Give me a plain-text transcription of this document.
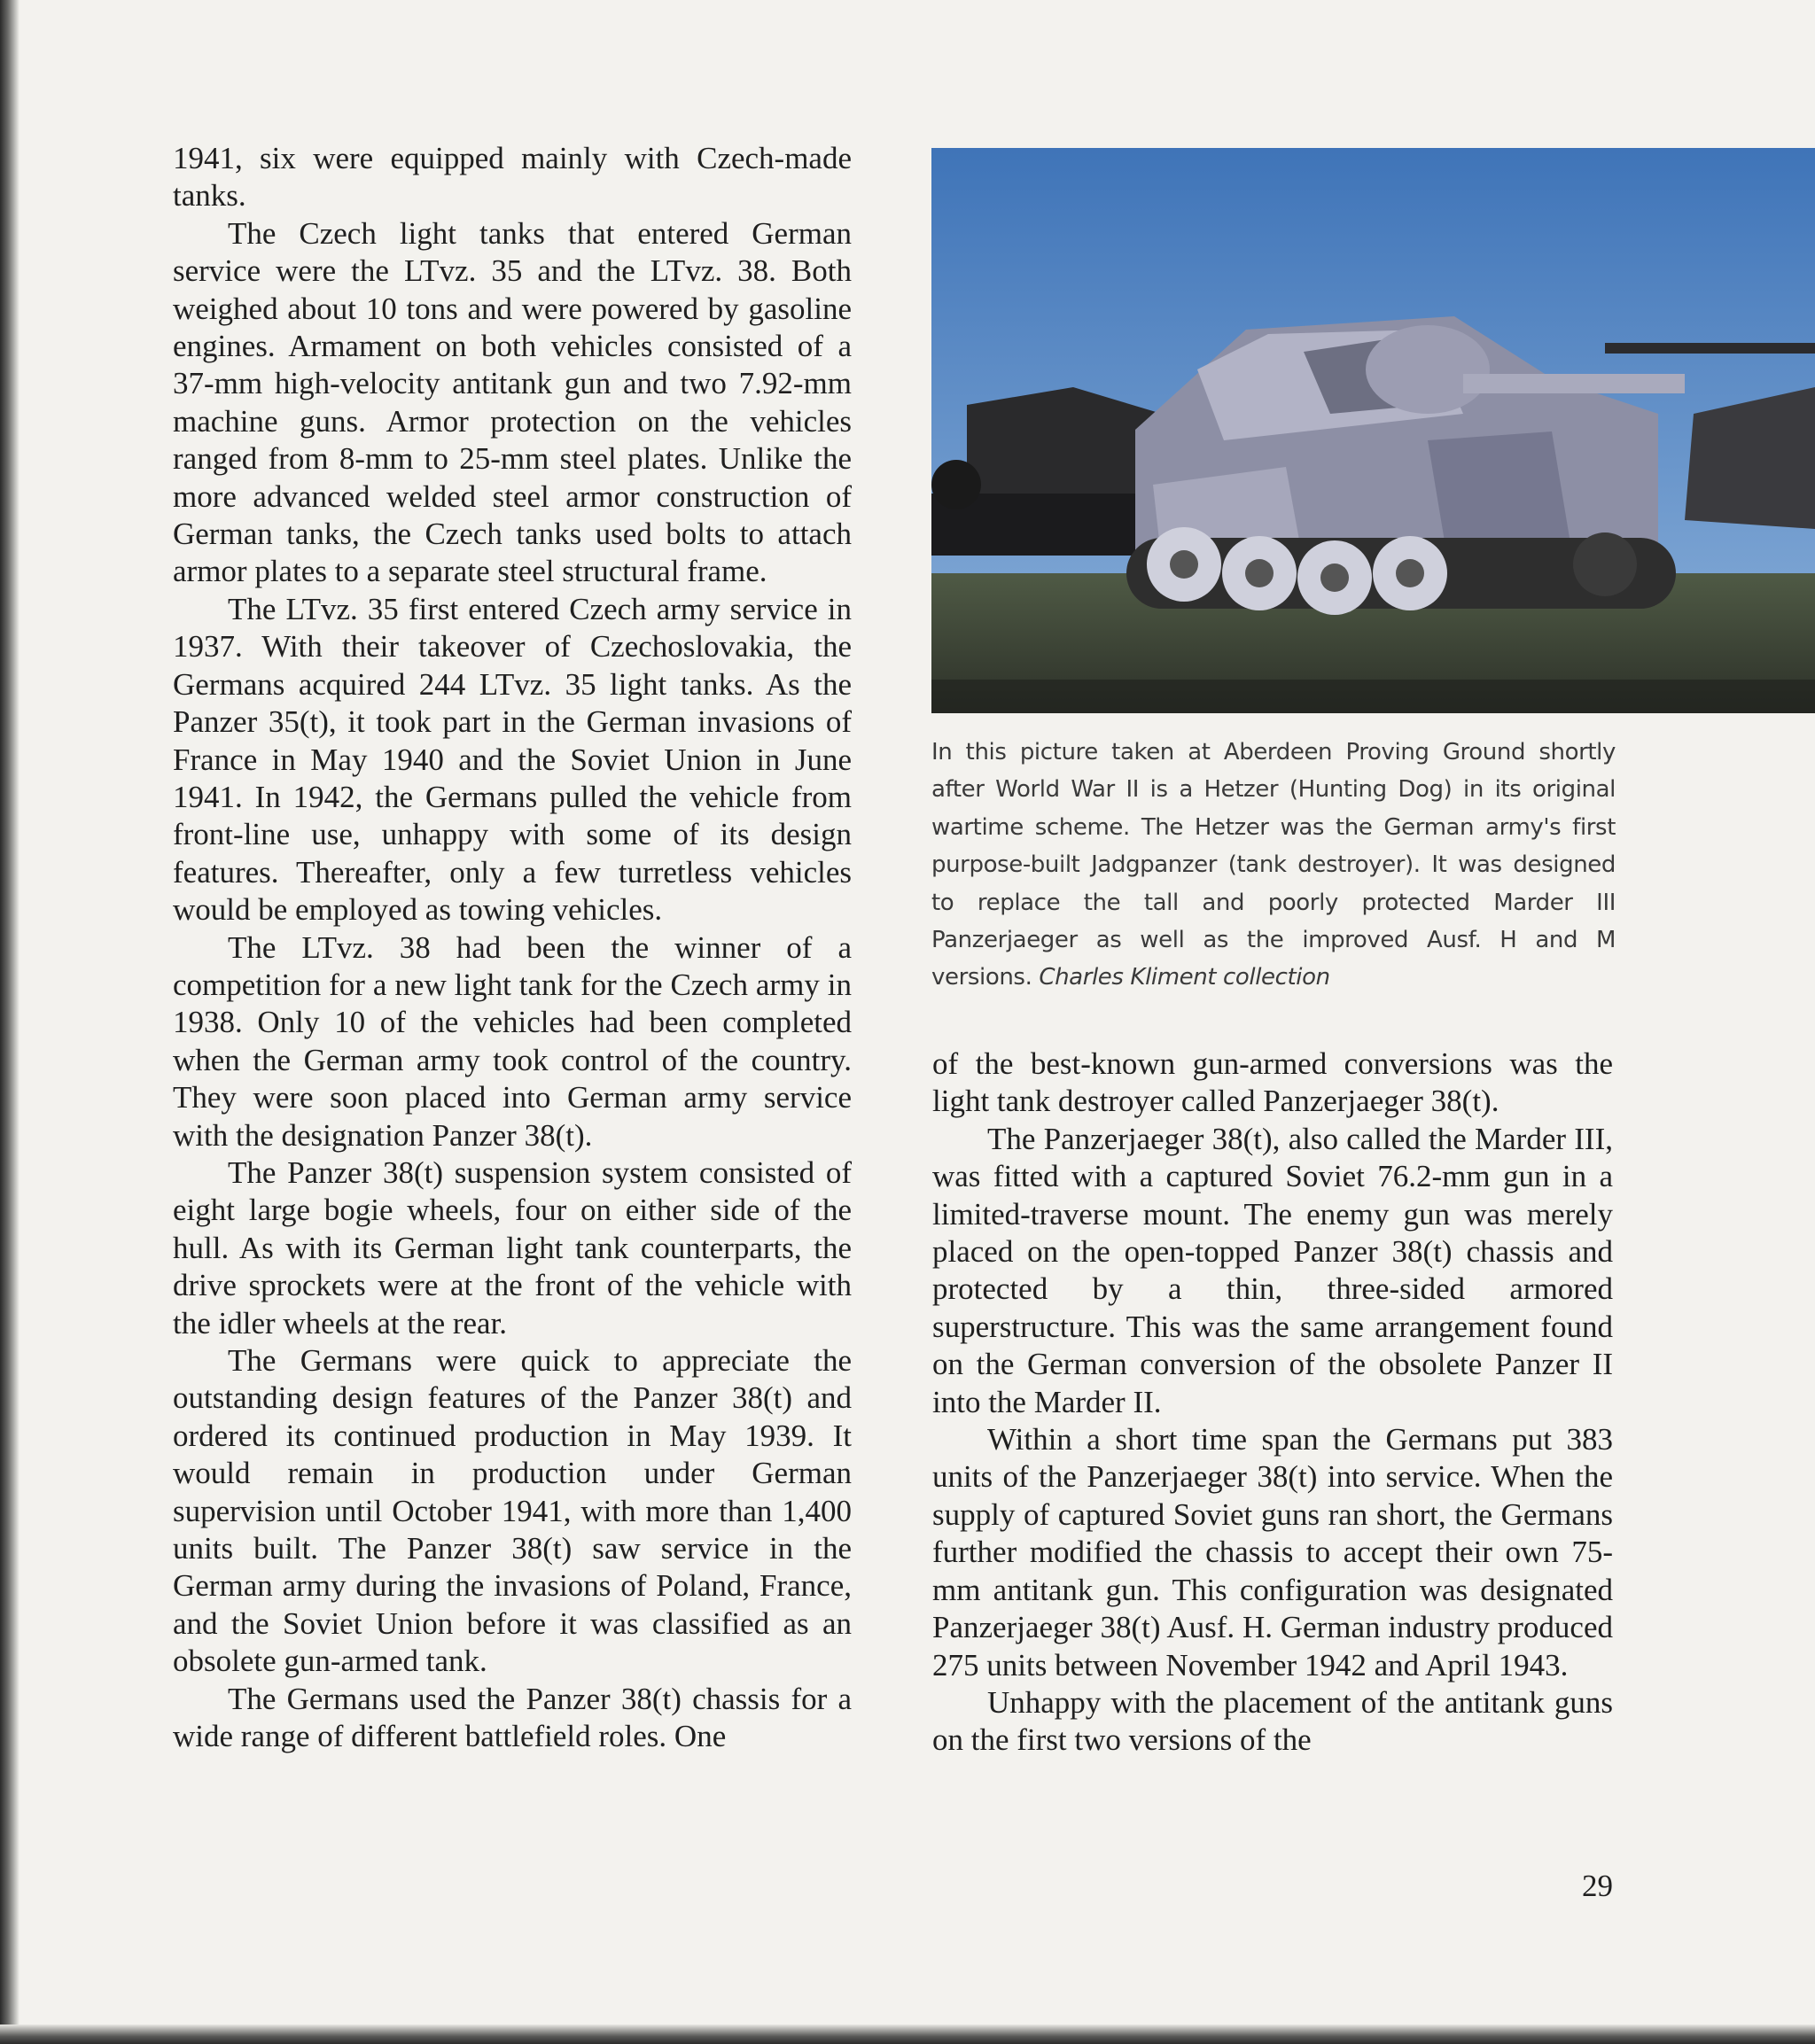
1941, six were equipped mainly with Czech-made tanks.

The Czech light tanks that entered German service were the LTvz. 35 and the LTvz. 38. Both weighed about 10 tons and were powered by gasoline engines. Armament on both vehicles consisted of a 37-mm high-velocity antitank gun and two 7.92-mm machine guns. Armor protection on the vehicles ranged from 8-mm to 25-mm steel plates. Unlike the more advanced welded steel armor construction of German tanks, the Czech tanks used bolts to attach armor plates to a separate steel structural frame.

The LTvz. 35 first entered Czech army service in 1937. With their takeover of Czechoslovakia, the Germans acquired 244 LTvz. 35 light tanks. As the Panzer 35(t), it took part in the German invasions of France in May 1940 and the Soviet Union in June 1941. In 1942, the Germans pulled the vehicle from front-line use, unhappy with some of its design features. Thereafter, only a few turretless vehicles would be employed as towing vehicles.

The LTvz. 38 had been the winner of a competition for a new light tank for the Czech army in 1938. Only 10 of the vehicles had been completed when the German army took control of the country. They were soon placed into German army service with the designation Panzer 38(t).

The Panzer 38(t) suspension system consisted of eight large bogie wheels, four on either side of the hull. As with its German light tank counterparts, the drive sprockets were at the front of the vehicle with the idler wheels at the rear.

The Germans were quick to appreciate the outstanding design features of the Panzer 38(t) and ordered its continued production in May 1939. It would remain in production under German supervision until October 1941, with more than 1,400 units built. The Panzer 38(t) saw service in the German army during the invasions of Poland, France, and the Soviet Union before it was classified as an obsolete gun-armed tank.

The Germans used the Panzer 38(t) chassis for a wide range of different battlefield roles. One

In this picture taken at Aberdeen Proving Ground shortly after World War II is a Hetzer (Hunting Dog) in its original wartime scheme. The Hetzer was the German army's first purpose-built Jadgpanzer (tank destroyer). It was designed to replace the tall and poorly protected Marder III Panzerjaeger as well as the improved Ausf. H and M versions. Charles Kliment collection

of the best-known gun-armed conversions was the light tank destroyer called Panzerjaeger 38(t).

The Panzerjaeger 38(t), also called the Marder III, was fitted with a captured Soviet 76.2-mm gun in a limited-traverse mount. The enemy gun was merely placed on the open-topped Panzer 38(t) chassis and protected by a thin, three-sided armored superstructure. This was the same arrangement found on the German conversion of the obsolete Panzer II into the Marder II.

Within a short time span the Germans put 383 units of the Panzerjaeger 38(t) into service. When the supply of captured Soviet guns ran short, the Germans further modified the chassis to accept their own 75-mm antitank gun. This configuration was designated Panzerjaeger 38(t) Ausf. H. German industry produced 275 units between November 1942 and April 1943.

Unhappy with the placement of the antitank guns on the first two versions of the

29
